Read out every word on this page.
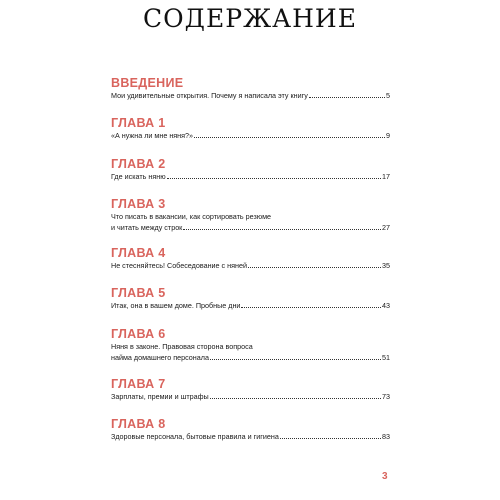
СОДЕРЖАНИЕ
ВВЕДЕНИЕ
Мои удивительные открытия. Почему я написала эту книгу	5
ГЛАВА 1
«А нужна ли мне няня?»	9
ГЛАВА 2
Где искать няню	17
ГЛАВА 3
Что писать в вакансии, как сортировать резюме
и читать между строк	27
ГЛАВА 4
Не стесняйтесь! Собеседование с няней	35
ГЛАВА 5
Итак, она в вашем доме. Пробные дни	43
ГЛАВА 6
Няня в законе. Правовая сторона вопроса
найма домашнего персонала	51
ГЛАВА 7
Зарплаты, премии и штрафы	73
ГЛАВА 8
Здоровые персонала, бытовые правила и гигиена	83
3
